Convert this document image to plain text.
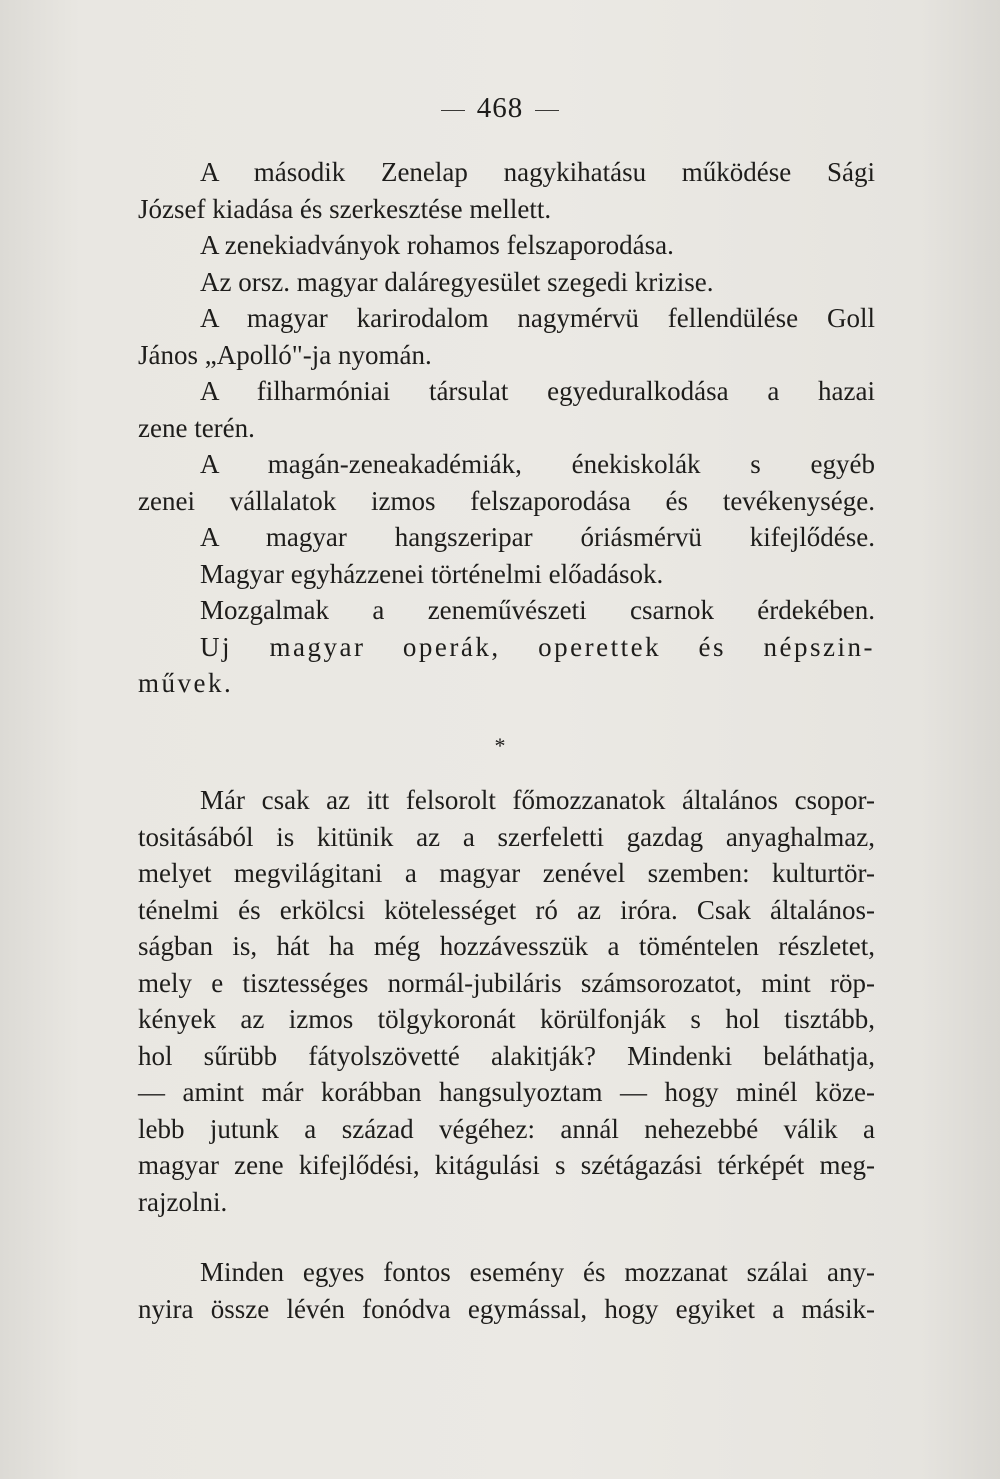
468
A második Zenelap nagykihatásu működése Sági
József kiadása és szerkesztése mellett.
A zenekiadványok rohamos felszaporodása.
Az orsz. magyar daláregyesület szegedi krizise.
A magyar karirodalom nagymérvü fellendülése Goll
János „Apolló"-ja nyomán.
A filharmóniai társulat egyeduralkodása a hazai
zene terén.
A magán-zeneakadémiák, énekiskolák s egyéb
zenei vállalatok izmos felszaporodása és tevékenysége.
A magyar hangszeripar óriásmérvü kifejlődése.
Magyar egyházzenei történelmi előadások.
Mozgalmak a zeneművészeti csarnok érdekében.
Uj magyar operák, operettek és népszin-
művek.
*
Már csak az itt felsorolt főmozzanatok általános csopor-
tositásából is kitünik az a szerfeletti gazdag anyaghalmaz,
melyet megvilágitani a magyar zenével szemben: kulturtör-
ténelmi és erkölcsi kötelességet ró az iróra. Csak általános-
ságban is, hát ha még hozzávesszük a töméntelen részletet,
mely e tisztességes normál-jubiláris számsorozatot, mint röp-
kények az izmos tölgykoronát körülfonják s hol tisztább,
hol sűrübb fátyolszövetté alakitják? Mindenki beláthatja,
— amint már korábban hangsulyoztam — hogy minél köze-
lebb jutunk a század végéhez: annál nehezebbé válik a
magyar zene kifejlődési, kitágulási s szétágazási térképét meg-
rajzolni.
Minden egyes fontos esemény és mozzanat szálai any-
nyira össze lévén fonódva egymással, hogy egyiket a másik-
